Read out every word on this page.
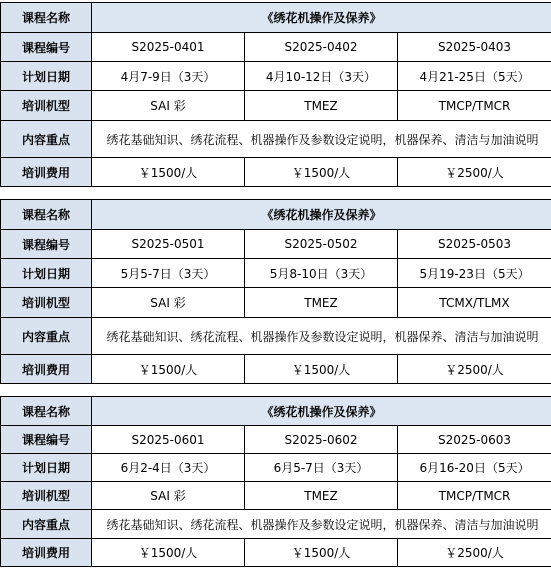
课程名称	《绣花机操作及保养》		
课程编号	S2025-0401	S2025-0402	S2025-0403
计划日期	4月7-9日（3天）	4月10-12日（3天）	4月21-25日（5天）
培训机型	SAI 彩	TMEZ	TMCP/TMCR
内容重点	绣花基础知识、绣花流程、机器操作及参数设定说明，机器保养、清洁与加油说明		
培训费用	￥1500/人	￥1500/人	￥2500/人
课程名称	《绣花机操作及保养》		
课程编号	S2025-0501	S2025-0502	S2025-0503
计划日期	5月5-7日（3天）	5月8-10日（3天）	5月19-23日（5天）
培训机型	SAI 彩	TMEZ	TCMX/TLMX
内容重点	绣花基础知识、绣花流程、机器操作及参数设定说明，机器保养、清洁与加油说明		
培训费用	￥1500/人	￥1500/人	￥2500/人
课程名称	《绣花机操作及保养》		
课程编号	S2025-0601	S2025-0602	S2025-0603
计划日期	6月2-4日（3天）	6月5-7日（3天）	6月16-20日（5天）
培训机型	SAI 彩	TMEZ	TMCP/TMCR
内容重点	绣花基础知识、绣花流程、机器操作及参数设定说明，机器保养、清洁与加油说明		
培训费用	￥1500/人	￥1500/人	￥2500/人
